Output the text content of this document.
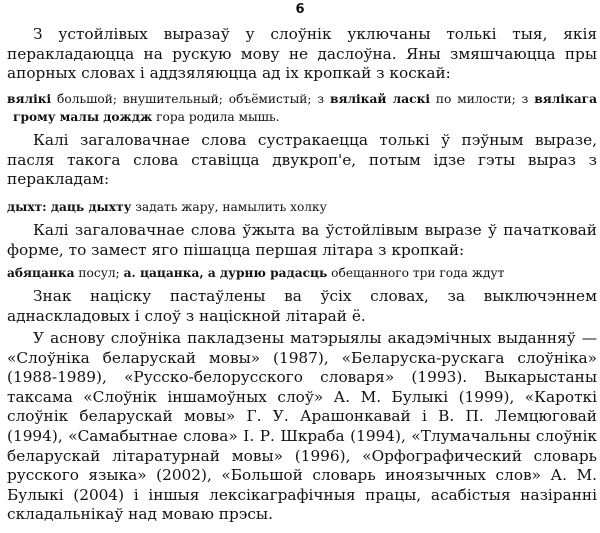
6

З устойлівых выразаў у слоўнік уключаны толькі тыя, якія перакладаюцца на рускую мову не даслоўна. Яны змяшчаюцца пры апорных словах і аддзяляюцца ад іх кропкай з коскай:

вялікі большой; внушительный; объёмистый; з вялікай ласкі по милости; з вялікага грому малы дождж гора родила мышь.

Калі загаловачнае слова сустракаецца толькі ў пэўным выразе, пасля такога слова ставіцца двукроп'е, потым ідзе гэты выраз з перакладам:

дыхт: даць дыхту задать жару, намылить холку

Калі загаловачнае слова ўжыта ва ўстойлівым выразе ў пачатковай форме, то замест яго пішацца першая літара з кропкай:

абяцанка посул; а. цацанка, а дурню радасць обещанного три года ждут

Знак націску пастаўлены ва ўсіх словах, за выключэннем аднаскладовых і слоў з націскной літарай ё.

У аснову слоўніка пакладзены матэрыялы акадэмічных выданняў — «Слоўніка беларускай мовы» (1987), «Беларуска-рускага слоўніка» (1988-1989), «Русско-белорусского словаря» (1993). Выкарыстаны таксама «Слоўнік іншамоўных слоў» А. М. Булыкі (1999), «Кароткі слоўнік беларускай мовы» Г. У. Арашонкавай і В. П. Лемцюговай (1994), «Самабытнае слова» І. Р. Шкраба (1994), «Тлумачальны слоўнік беларускай літаратурнай мовы» (1996), «Орфографический словарь русского языка» (2002), «Большой словарь иноязычных слов» А. М. Булыкі (2004) і іншыя лексікаграфічныя працы, асабістыя назіранні складальнікаў над моваю прэсы.
